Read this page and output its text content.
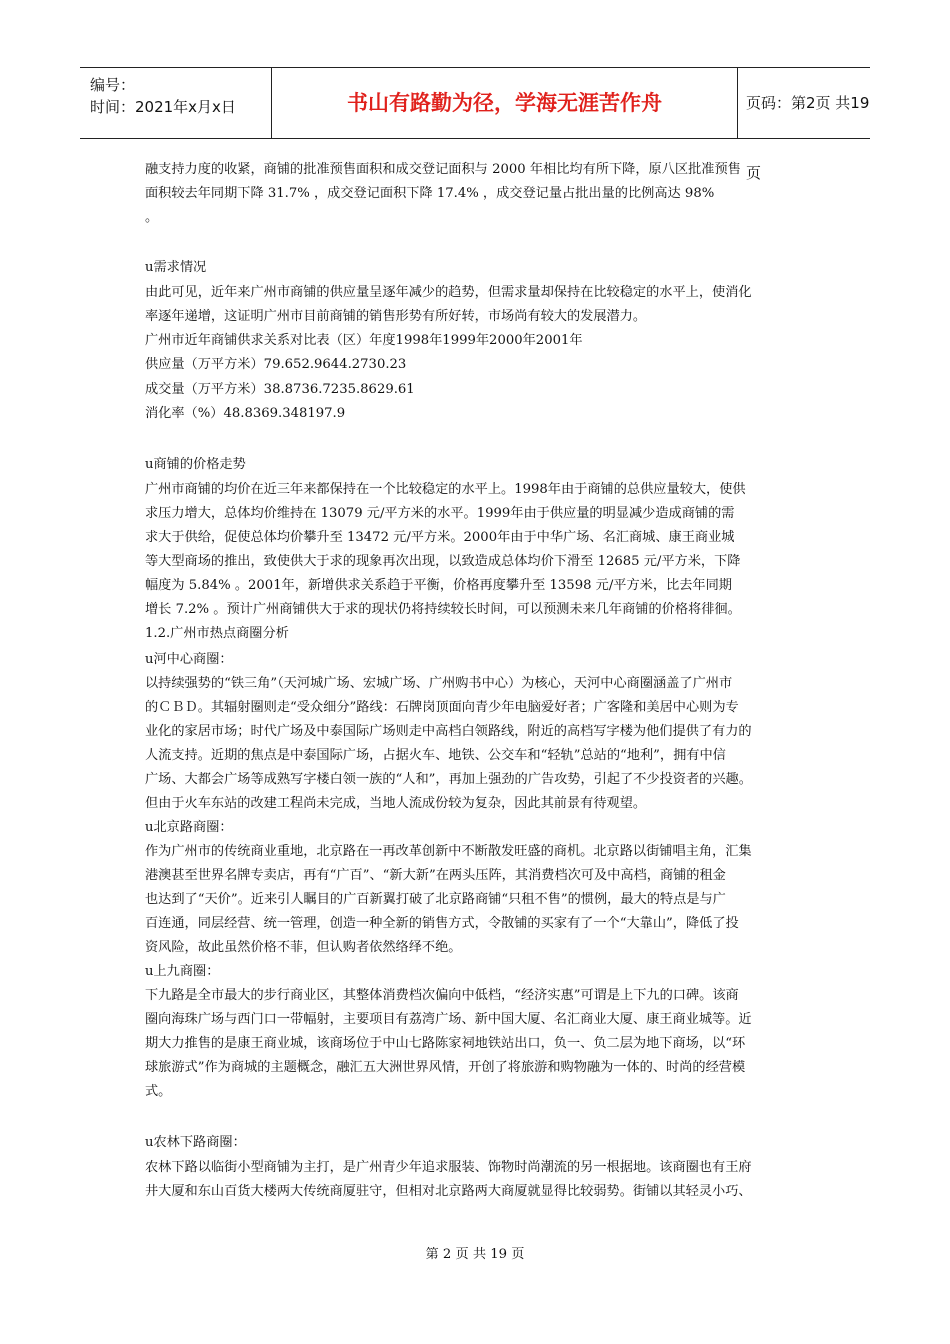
编号：
时间：2021年x月x日	书山有路勤为径，学海无涯苦作舟	页码：第2页 共19页
融支持力度的收紧，商铺的批准预售面积和成交登记面积与 2000 年相比均有所下降，原八区批准预售
面积较去年同期下降 31.7% ，成交登记面积下降 17.4% ，成交登记量占批出量的比例高达 98%
。
u需求情况
由此可见，近年来广州市商铺的供应量呈逐年减少的趋势，但需求量却保持在比较稳定的水平上，使消化
率逐年递增，这证明广州市目前商铺的销售形势有所好转，市场尚有较大的发展潜力。
广州市近年商铺供求关系对比表（区）年度1998年1999年2000年2001年
供应量（万平方米）79.652.9644.2730.23
成交量（万平方米）38.8736.7235.8629.61
消化率（%）48.8369.348197.9
u商铺的价格走势
广州市商铺的均价在近三年来都保持在一个比较稳定的水平上。1998年由于商铺的总供应量较大，使供
求压力增大，总体均价维持在 13079 元/平方米的水平。1999年由于供应量的明显减少造成商铺的需
求大于供给，促使总体均价攀升至 13472 元/平方米。2000年由于中华广场、名汇商城、康王商业城
等大型商场的推出，致使供大于求的现象再次出现，以致造成总体均价下滑至 12685 元/平方米，下降
幅度为 5.84% 。2001年，新增供求关系趋于平衡，价格再度攀升至 13598 元/平方米，比去年同期
增长 7.2% 。预计广州商铺供大于求的现状仍将持续较长时间，可以预测未来几年商铺的价格将徘徊。
1.2.广州市热点商圈分析
u河中心商圈：
以持续强势的“铁三角”（天河城广场、宏城广场、广州购书中心）为核心，天河中心商圈涵盖了广州市
的ＣＢＤ。其辐射圈则走“受众细分”路线：石牌岗顶面向青少年电脑爱好者；广客隆和美居中心则为专
业化的家居市场；时代广场及中泰国际广场则走中高档白领路线，附近的高档写字楼为他们提供了有力的
人流支持。近期的焦点是中泰国际广场，占据火车、地铁、公交车和“轻轨”总站的“地利”，拥有中信
广场、大都会广场等成熟写字楼白领一族的“人和”，再加上强劲的广告攻势，引起了不少投资者的兴趣。
但由于火车东站的改建工程尚未完成，当地人流成份较为复杂，因此其前景有待观望。
u北京路商圈：
作为广州市的传统商业重地，北京路在一再改革创新中不断散发旺盛的商机。北京路以街铺唱主角，汇集
港澳甚至世界名牌专卖店，再有“广百”、“新大新”在两头压阵，其消费档次可及中高档，商铺的租金
也达到了“天价”。近来引人瞩目的广百新翼打破了北京路商铺“只租不售”的惯例，最大的特点是与广
百连通，同层经营、统一管理，创造一种全新的销售方式，令散铺的买家有了一个“大靠山”，降低了投
资风险，故此虽然价格不菲，但认购者依然络绎不绝。
u上九商圈：
下九路是全市最大的步行商业区，其整体消费档次偏向中低档，“经济实惠”可谓是上下九的口碑。该商
圈向海珠广场与西门口一带幅射，主要项目有荔湾广场、新中国大厦、名汇商业大厦、康王商业城等。近
期大力推售的是康王商业城，该商场位于中山七路陈家祠地铁站出口，负一、负二层为地下商场，以“环
球旅游式”作为商城的主题概念，融汇五大洲世界风情，开创了将旅游和购物融为一体的、时尚的经营模
式。
u农林下路商圈：
农林下路以临街小型商铺为主打，是广州青少年追求服装、饰物时尚潮流的另一根据地。该商圈也有王府
井大厦和东山百货大楼两大传统商厦驻守，但相对北京路两大商厦就显得比较弱势。街铺以其轻灵小巧、
第 2 页 共 19 页
